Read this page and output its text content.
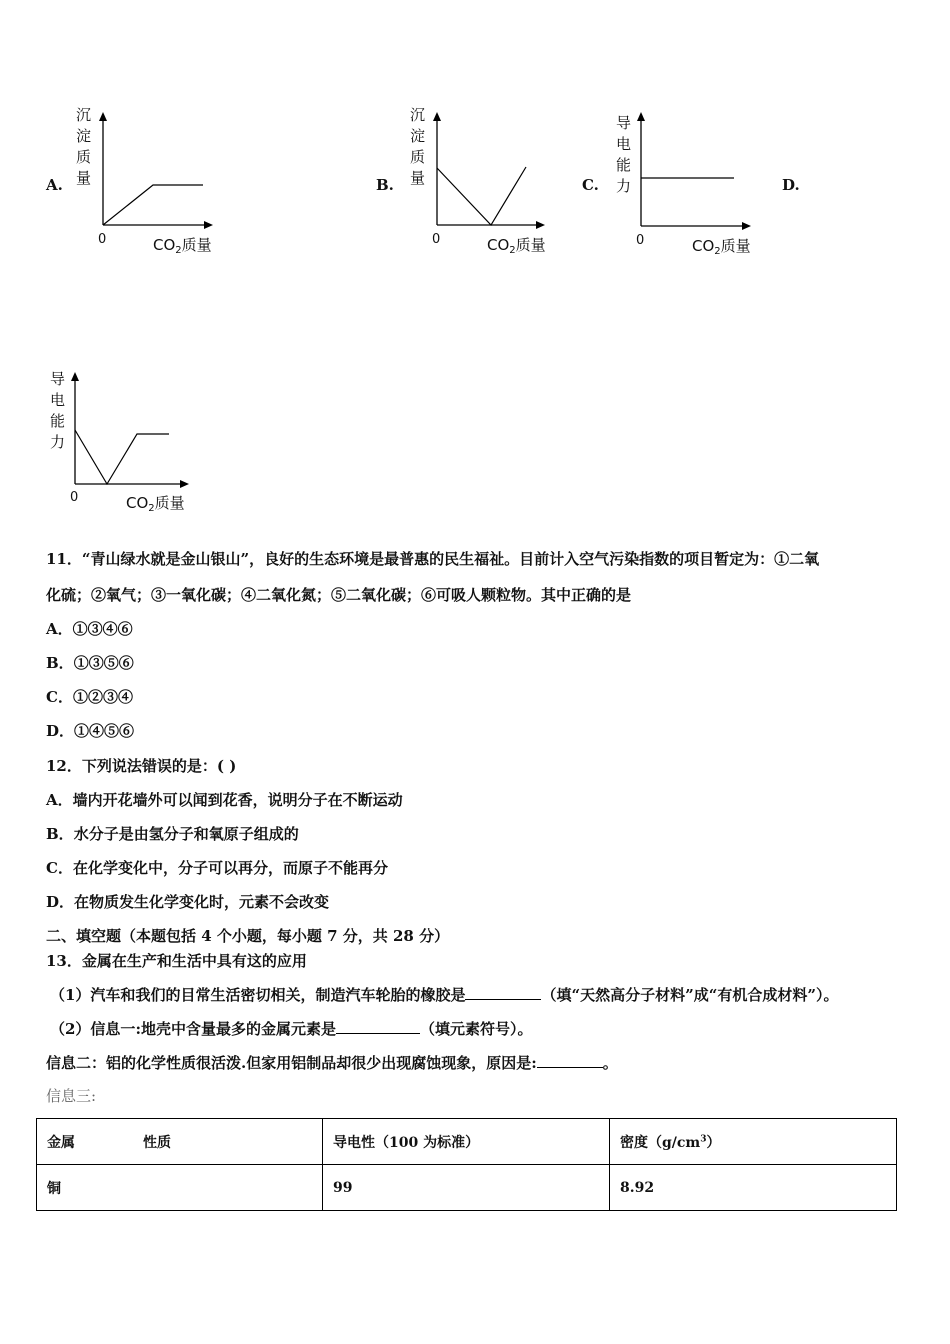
A.
沉
淀
质
量
0	$CO_2$质量
B.
沉
淀
质
量
0	$CO_2$质量
C.
导
电
能
力
0	$CO_2$质量
D.
导
电
能
力
0	$CO_2$质量
11．“青山绿水就是金山银山”，良好的生态环境是最普惠的民生福祉。目前计入空气污染指数的项目暂定为：①二氧
化硫；②氧气；③一氧化碳；④二氧化氮；⑤二氧化碳；⑥可吸人颗粒物。其中正确的是
A．①③④⑥
B．①③⑤⑥
C．①②③④
D．①④⑤⑥
12．下列说法错误的是：( )
A．墙内开花墙外可以闻到花香，说明分子在不断运动
B．水分子是由氢分子和氧原子组成的
C．在化学变化中，分子可以再分，而原子不能再分
D．在物质发生化学变化时，元素不会改变
二、填空题（本题包括 4 个小题，每小题 7 分，共 28 分）
13．金属在生产和生活中具有这的应用
（1）汽车和我们的目常生活密切相关，制造汽车轮胎的橡胶是	（填“天然高分子材料”成“有机合成材料”）。
（2）信息一:地壳中含量最多的金属元素是	（填元素符号）。
信息二：铝的化学性质很活泼.但家用铝制品却很少出现腐蚀现象，原因是:	。
信息三:
金属 性质	导电性（100 为标准）	密度$(g/cm^3)$
铜	99	8.92
